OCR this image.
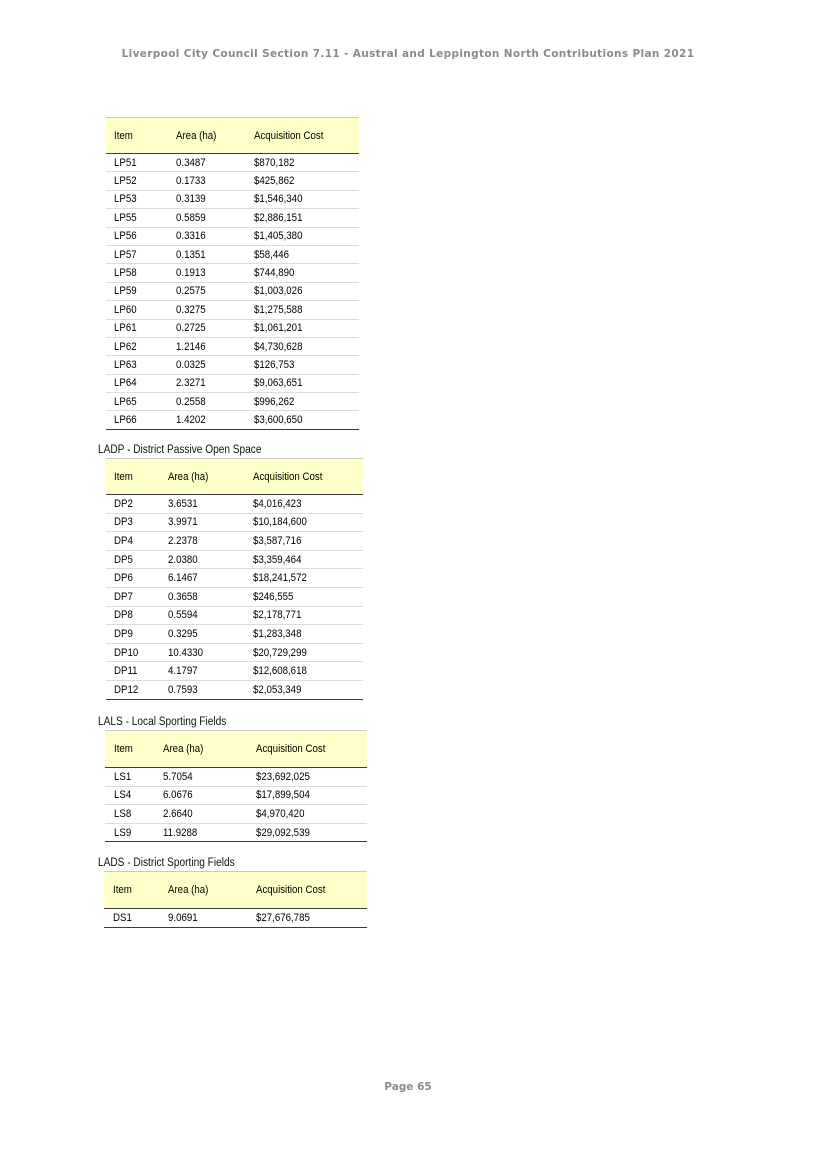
Liverpool City Council Section 7.11 - Austral and Leppington North Contributions Plan 2021
Item	Area (ha)	Acquisition Cost
LP51	0.3487	$870,182
LP52	0.1733	$425,862
LP53	0.3139	$1,546,340
LP55	0.5859	$2,886,151
LP56	0.3316	$1,405,380
LP57	0.1351	$58,446
LP58	0.1913	$744,890
LP59	0.2575	$1,003,026
LP60	0.3275	$1,275,588
LP61	0.2725	$1,061,201
LP62	1.2146	$4,730,628
LP63	0.0325	$126,753
LP64	2.3271	$9,063,651
LP65	0.2558	$996,262
LP66	1.4202	$3,600,650
LADP - District Passive Open Space
Item	Area (ha)	Acquisition Cost
DP2	3.6531	$4,016,423
DP3	3.9971	$10,184,600
DP4	2.2378	$3,587,716
DP5	2.0380	$3,359,464
DP6	6.1467	$18,241,572
DP7	0.3658	$246,555
DP8	0.5594	$2,178,771
DP9	0.3295	$1,283,348
DP10	10.4330	$20,729,299
DP11	4.1797	$12,608,618
DP12	0.7593	$2,053,349
LALS - Local Sporting Fields
Item	Area (ha)	Acquisition Cost
LS1	5.7054	$23,692,025
LS4	6.0676	$17,899,504
LS8	2.6640	$4,970,420
LS9	11.9288	$29,092,539
LADS - District Sporting Fields
Item	Area (ha)	Acquisition Cost
DS1	9.0691	$27,676,785
Page 65
